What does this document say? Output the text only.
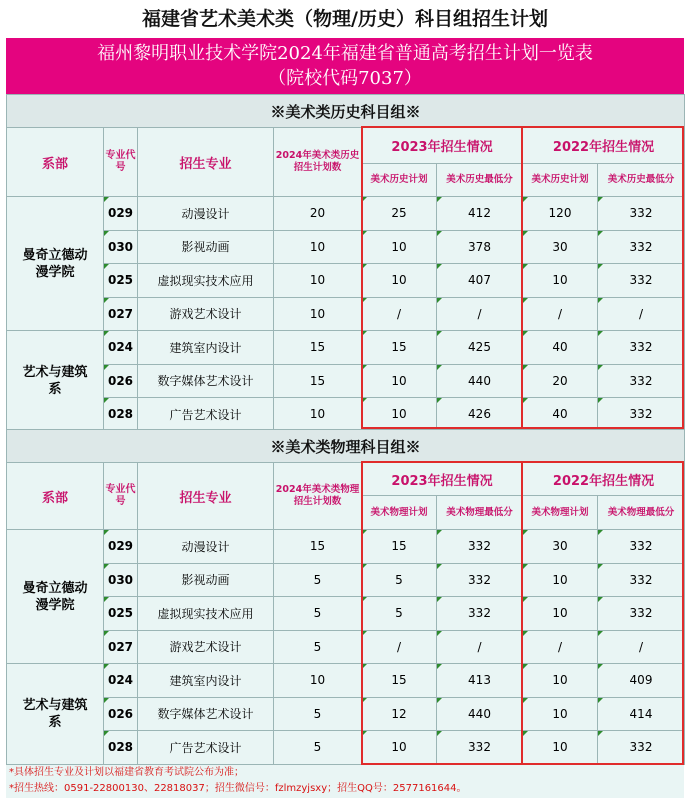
福建省艺术美术类（物理/历史）科目组招生计划
福州黎明职业技术学院2024年福建省普通高考招生计划一览表
（院校代码7037）
※美术类历史科目组※							
系部	专业代号	招生专业	2024年美术类历史招生计划数	2023年招生情况		2022年招生情况	
				美术历史计划	美术历史最低分	美术历史计划	美术历史最低分
曼奇立德动漫学院	029	动漫设计	20	25	412	120	332
	030	影视动画	10	10	378	30	332
	025	虚拟现实技术应用	10	10	407	10	332
	027	游戏艺术设计	10	/	/	/	/
艺术与建筑系	024	建筑室内设计	15	15	425	40	332
	026	数字媒体艺术设计	15	10	440	20	332
	028	广告艺术设计	10	10	426	40	332
※美术类物理科目组※							
系部	专业代号	招生专业	2024年美术类物理招生计划数	2023年招生情况		2022年招生情况	
				美术物理计划	美术物理最低分	美术物理计划	美术物理最低分
曼奇立德动漫学院	029	动漫设计	15	15	332	30	332
	030	影视动画	5	5	332	10	332
	025	虚拟现实技术应用	5	5	332	10	332
	027	游戏艺术设计	5	/	/	/	/
艺术与建筑系	024	建筑室内设计	10	15	413	10	409
	026	数字媒体艺术设计	5	12	440	10	414
	028	广告艺术设计	5	10	332	10	332
*具体招生专业及计划以福建省教育考试院公布为准；
*招生热线：0591-22800130、22818037；招生微信号：fzlmzyjsxy；招生QQ号：2577161644。
